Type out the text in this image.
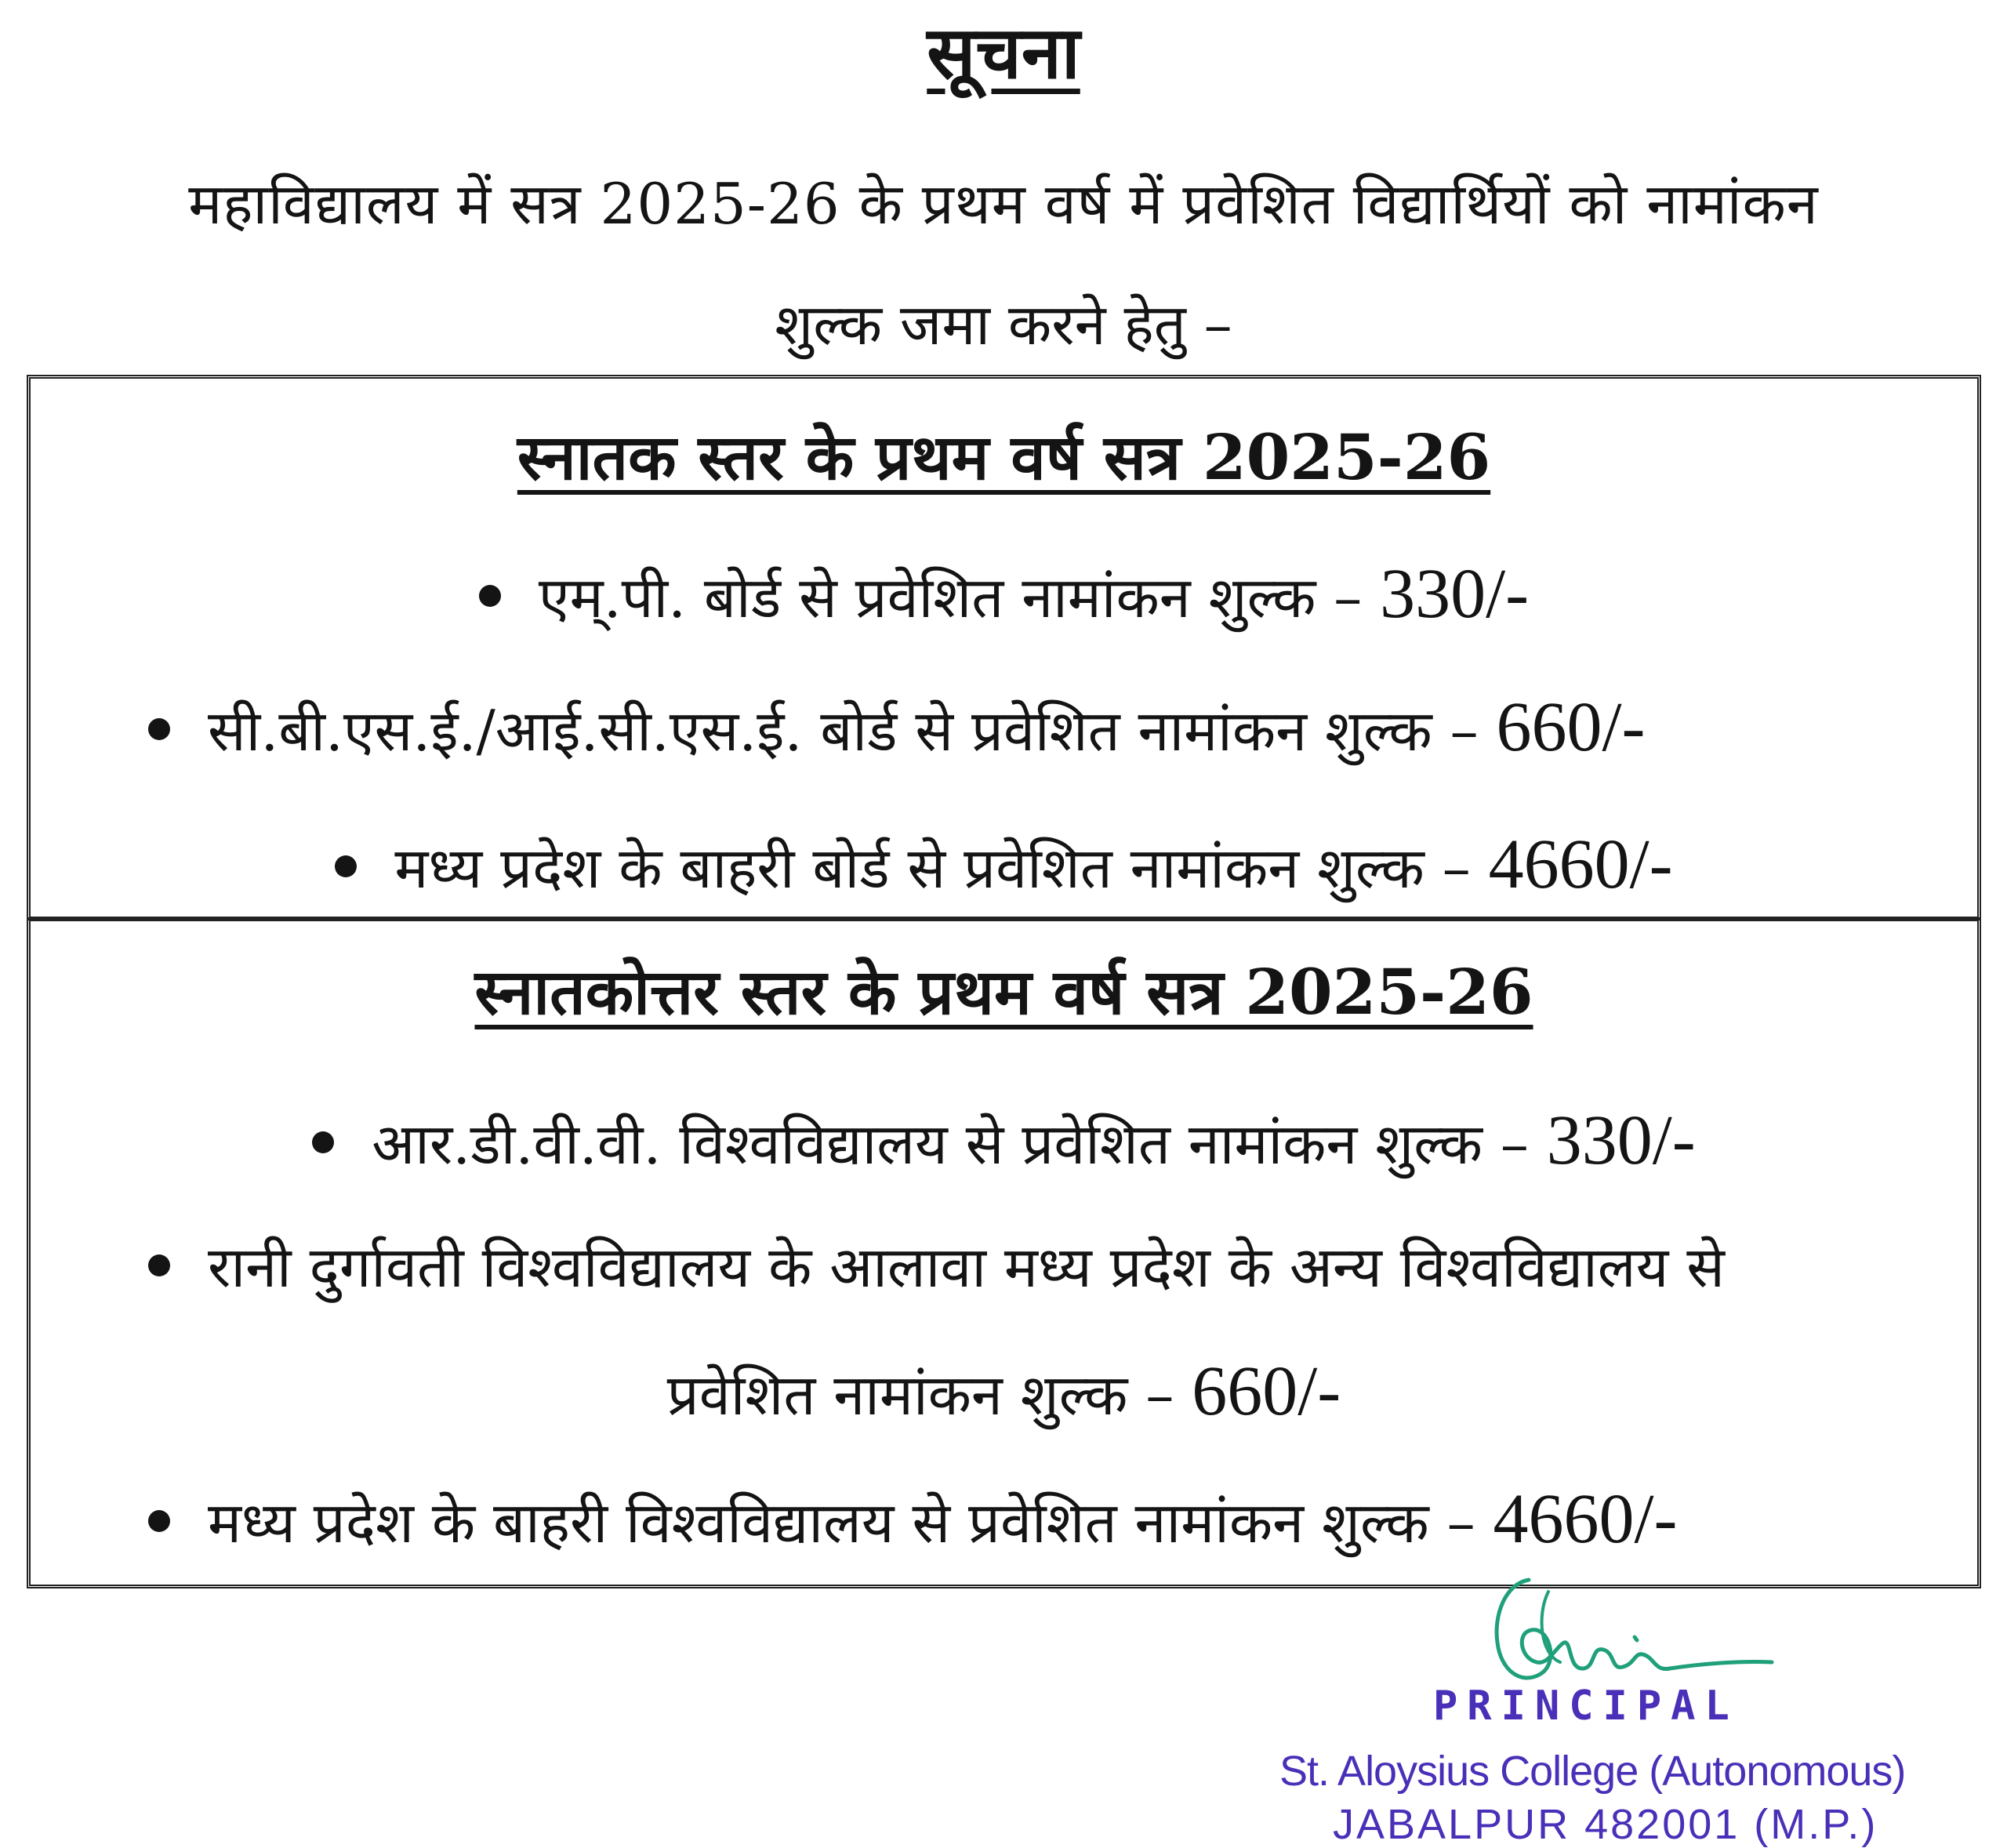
सूचना
महाविद्यालय में सत्र 2025-26 के प्रथम वर्ष में प्रवेशित विद्यार्थियों को नामांकन
शुल्क जमा करने हेतु –
स्नातक स्तर के प्रथम वर्ष सत्र 2025-26
एम्.पी. बोर्ड से प्रवेशित नामांकन शुल्क – 330/-
सी.बी.एस.ई./आई.सी.एस.ई. बोर्ड से प्रवेशित नामांकन शुल्क – 660/-
मध्य प्रदेश के बाहरी बोर्ड से प्रवेशित नामांकन शुल्क – 4660/-
स्नातकोत्तर स्तर के प्रथम वर्ष सत्र 2025-26
आर.डी.वी.वी. विश्वविद्यालय से प्रवेशित नामांकन शुल्क – 330/-
रानी दुर्गावती विश्वविद्यालय के आलावा मध्य प्रदेश के अन्य विश्वविद्यालय से
प्रवेशित नामांकन शुल्क – 660/-
मध्य प्रदेश के बाहरी विश्वविद्यालय से प्रवेशित नामांकन शुल्क – 4660/-
PRINCIPAL
St. Aloysius College (Autonomous)
JABALPUR 482001 (M.P.)
